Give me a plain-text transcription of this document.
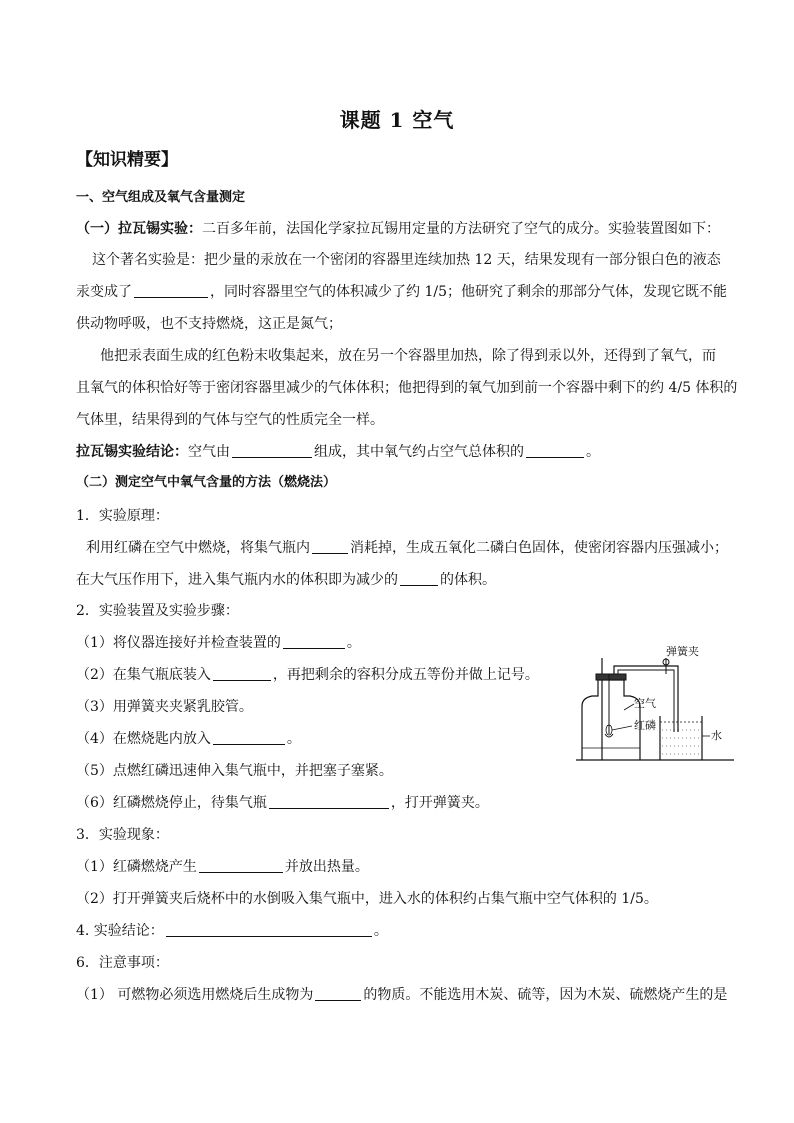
课题 1 空气
【知识精要】
一、空气组成及氧气含量测定
（一）拉瓦锡实验：二百多年前，法国化学家拉瓦锡用定量的方法研究了空气的成分。实验装置图如下：
这个著名实验是：把少量的汞放在一个密闭的容器里连续加热 12 天，结果发现有一部分银白色的液态
汞变成了	，同时容器里空气的体积减少了约 1/5；他研究了剩余的那部分气体，发现它既不能
供动物呼吸，也不支持燃烧，这正是氮气；
他把汞表面生成的红色粉末收集起来，放在另一个容器里加热，除了得到汞以外，还得到了氧气，而
且氧气的体积恰好等于密闭容器里减少的气体体积；他把得到的氧气加到前一个容器中剩下的约 4/5 体积的
气体里，结果得到的气体与空气的性质完全一样。
拉瓦锡实验结论：空气由	组成，其中氧气约占空气总体积的	。
（二）测定空气中氧气含量的方法（燃烧法）
1．实验原理：
利用红磷在空气中燃烧，将集气瓶内	消耗掉，生成五氧化二磷白色固体，使密闭容器内压强减小；
在大气压作用下，进入集气瓶内水的体积即为减少的	的体积。
2．实验装置及实验步骤：
（1）将仪器连接好并检查装置的	。
（2）在集气瓶底装入	，再把剩余的容积分成五等份并做上记号。
（3）用弹簧夹夹紧乳胶管。
（4）在燃烧匙内放入	。
（5）点燃红磷迅速伸入集气瓶中，并把塞子塞紧。
（6）红磷燃烧停止，待集气瓶	，打开弹簧夹。
弹簧夹
空气
红磷
水
3．实验现象：
（1）红磷燃烧产生	并放出热量。
（2）打开弹簧夹后烧杯中的水倒吸入集气瓶中，进入水的体积约占集气瓶中空气体积的 1/5。
4. 实验结论：	。
6．注意事项：
（1） 可燃物必须选用燃烧后生成物为	的物质。不能选用木炭、硫等，因为木炭、硫燃烧产生的是
